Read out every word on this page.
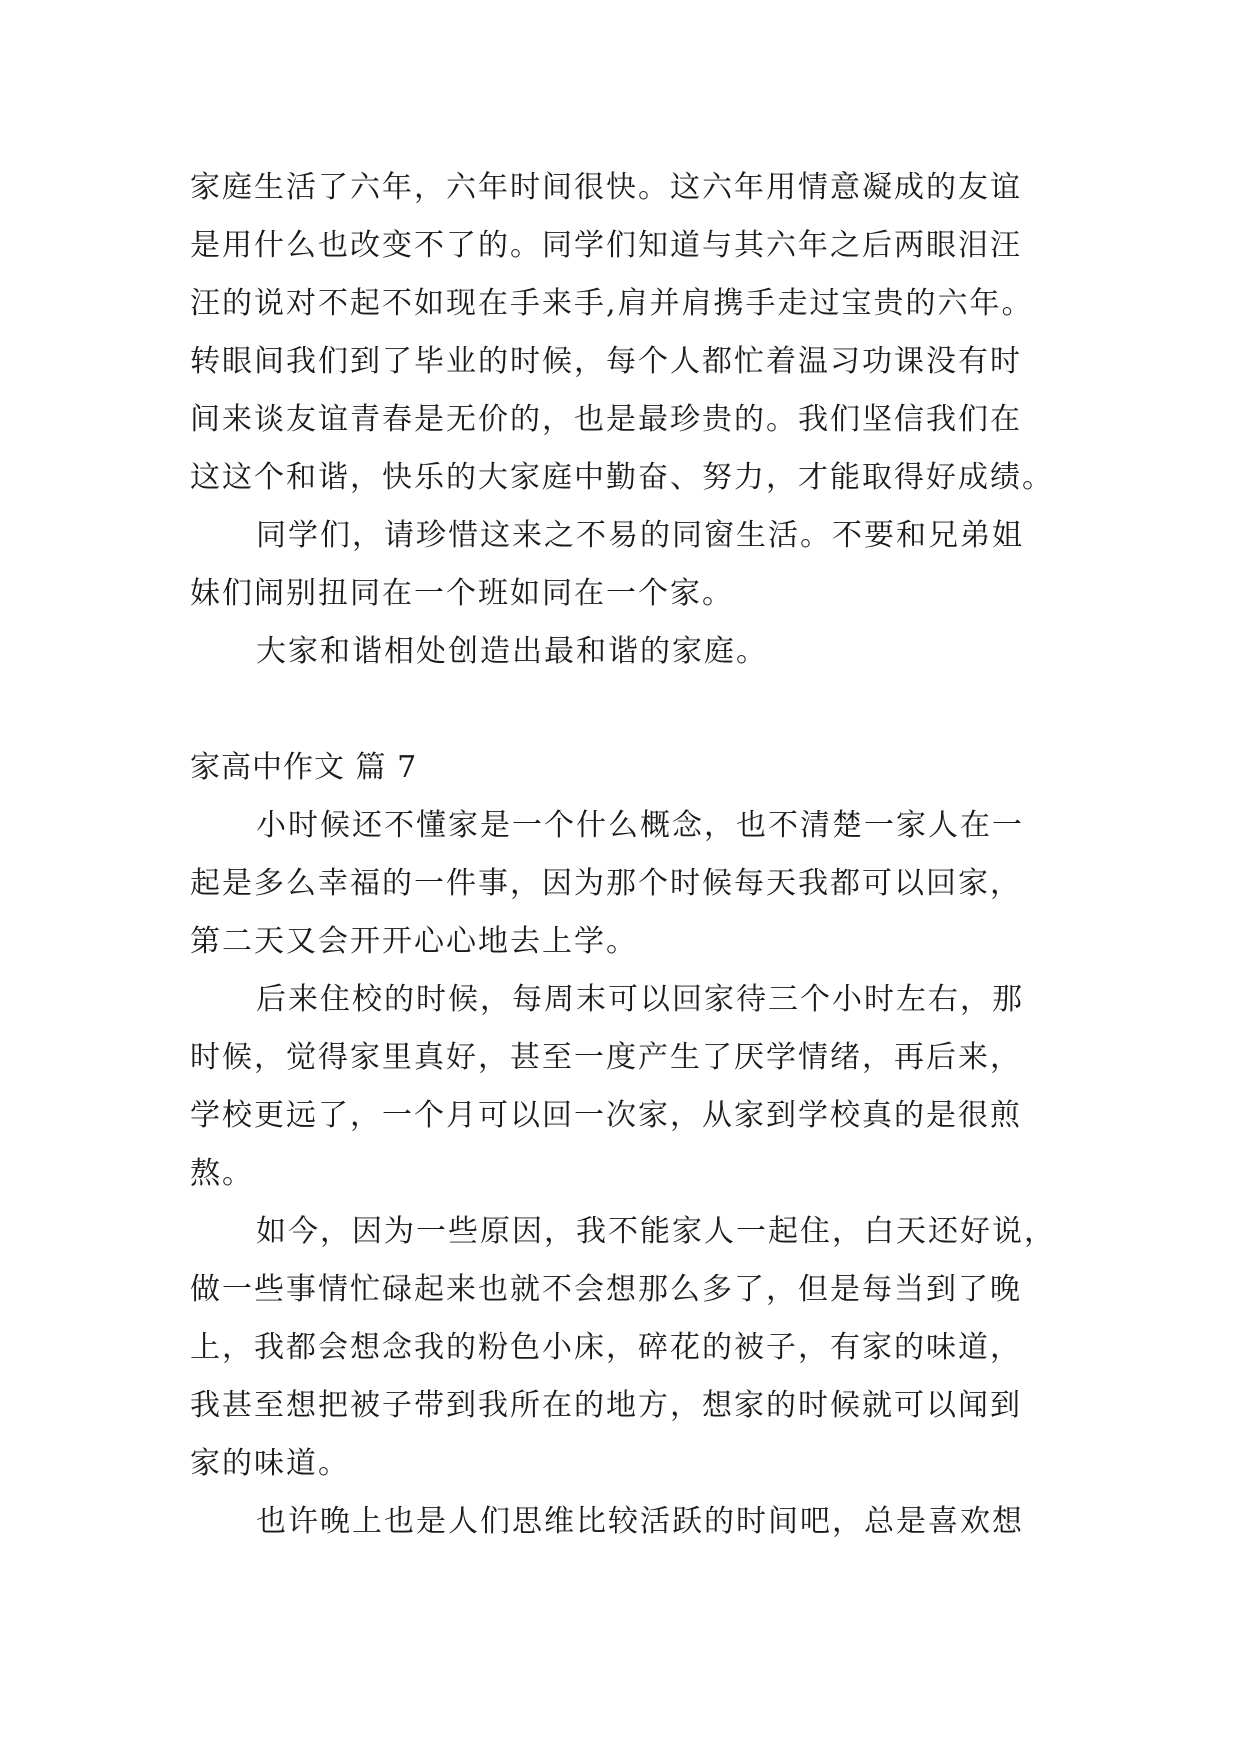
家庭生活了六年，六年时间很快。这六年用情意凝成的友谊
是用什么也改变不了的。同学们知道与其六年之后两眼泪汪
汪的说对不起不如现在手来手,肩并肩携手走过宝贵的六年。
转眼间我们到了毕业的时候，每个人都忙着温习功课没有时
间来谈友谊青春是无价的，也是最珍贵的。我们坚信我们在
这这个和谐，快乐的大家庭中勤奋、努力，才能取得好成绩。
同学们，请珍惜这来之不易的同窗生活。不要和兄弟姐
妹们闹别扭同在一个班如同在一个家。
大家和谐相处创造出最和谐的家庭。
家高中作文 篇 7
小时候还不懂家是一个什么概念，也不清楚一家人在一
起是多么幸福的一件事，因为那个时候每天我都可以回家，
第二天又会开开心心地去上学。
后来住校的时候，每周末可以回家待三个小时左右，那
时候，觉得家里真好，甚至一度产生了厌学情绪，再后来，
学校更远了，一个月可以回一次家，从家到学校真的是很煎
熬。
如今，因为一些原因，我不能家人一起住，白天还好说，
做一些事情忙碌起来也就不会想那么多了，但是每当到了晚
上，我都会想念我的粉色小床，碎花的被子，有家的味道，
我甚至想把被子带到我所在的地方，想家的时候就可以闻到
家的味道。
也许晚上也是人们思维比较活跃的时间吧，总是喜欢想
